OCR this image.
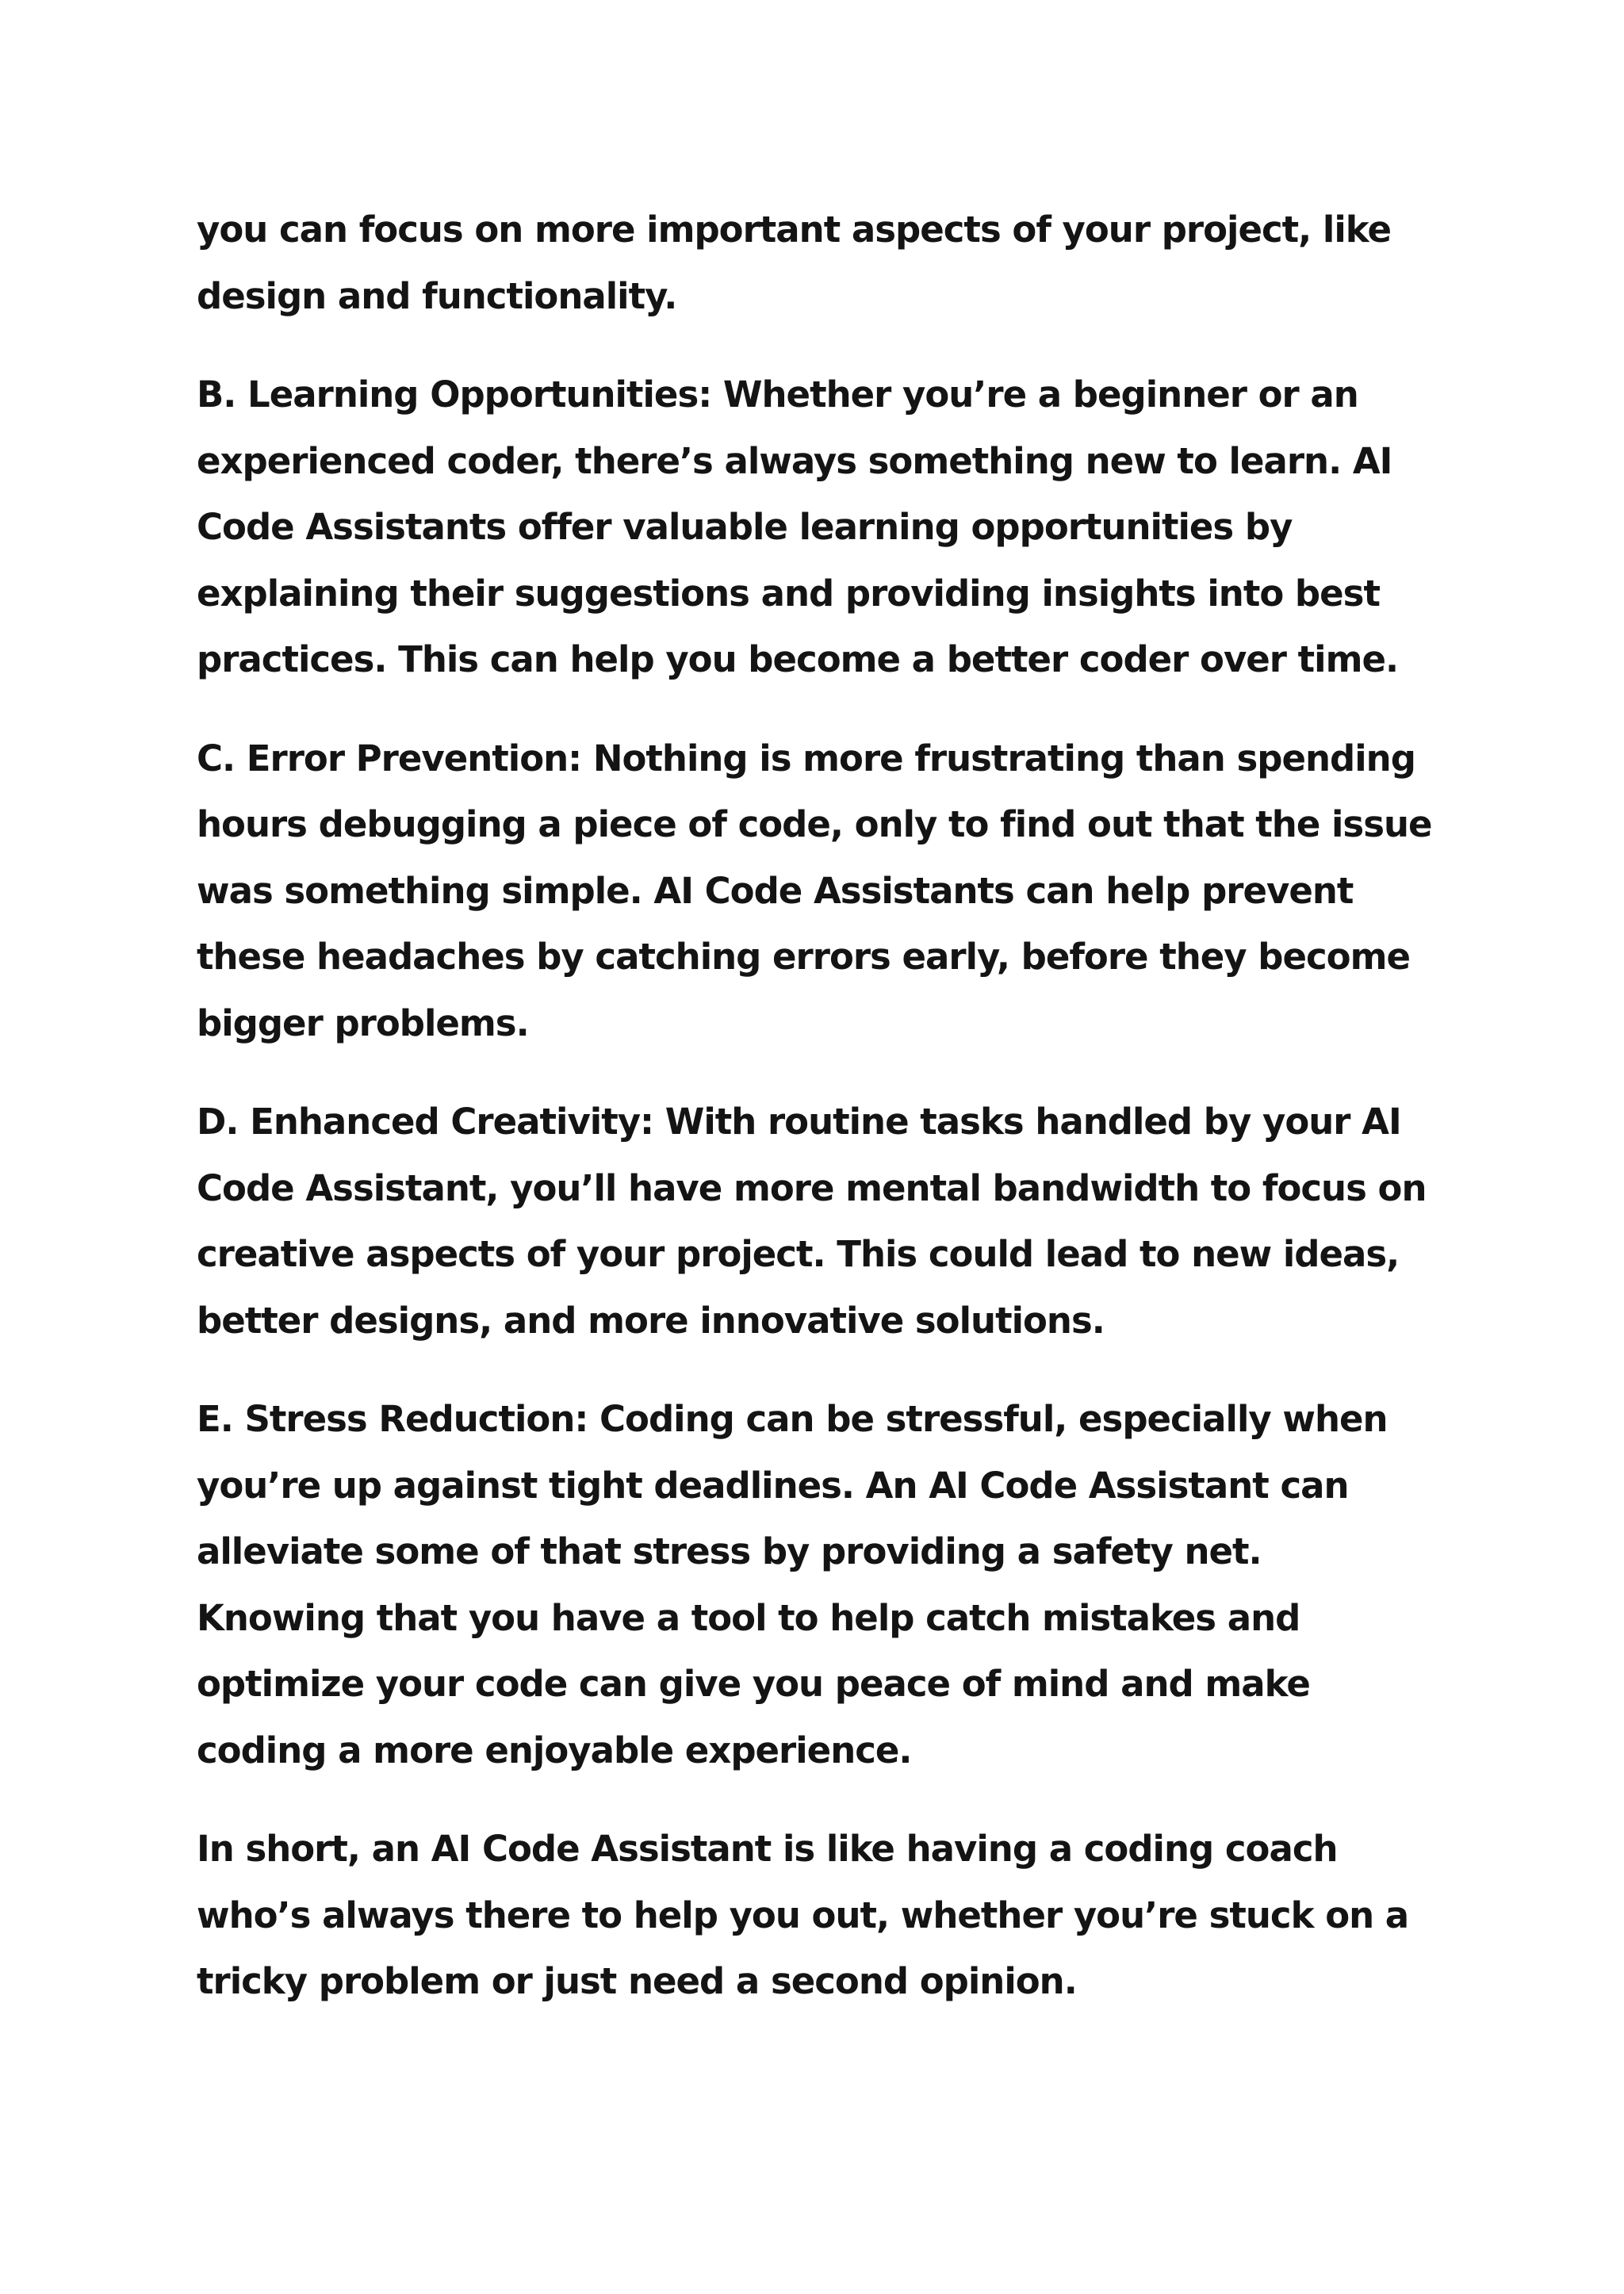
you can focus on more important aspects of your project, like design and functionality.

B. Learning Opportunities: Whether you’re a beginner or an experienced coder, there’s always something new to learn. AI Code Assistants offer valuable learning opportunities by explaining their suggestions and providing insights into best practices. This can help you become a better coder over time.

C. Error Prevention: Nothing is more frustrating than spending hours debugging a piece of code, only to find out that the issue was something simple. AI Code Assistants can help prevent these headaches by catching errors early, before they become bigger problems.

D. Enhanced Creativity: With routine tasks handled by your AI Code Assistant, you’ll have more mental bandwidth to focus on creative aspects of your project. This could lead to new ideas, better designs, and more innovative solutions.

E. Stress Reduction: Coding can be stressful, especially when you’re up against tight deadlines. An AI Code Assistant can alleviate some of that stress by providing a safety net. Knowing that you have a tool to help catch mistakes and optimize your code can give you peace of mind and make coding a more enjoyable experience.

In short, an AI Code Assistant is like having a coding coach who’s always there to help you out, whether you’re stuck on a tricky problem or just need a second opinion.
